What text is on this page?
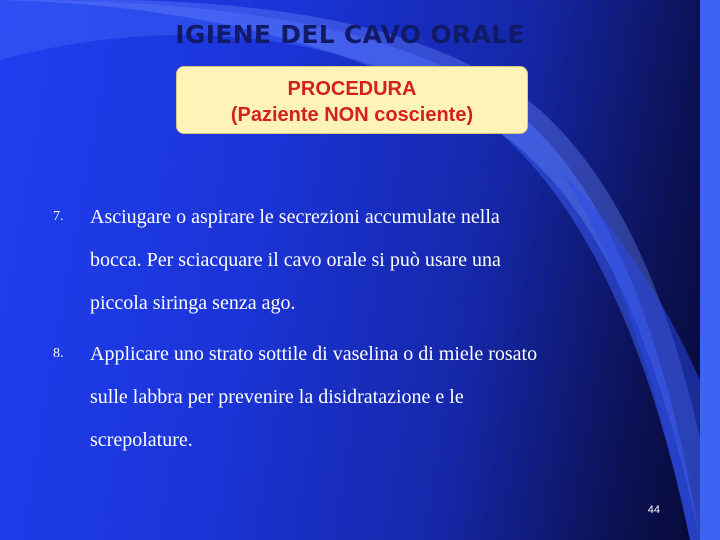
IGIENE DEL CAVO ORALE
PROCEDURA
(Paziente NON cosciente)
7. Asciugare o aspirare le secrezioni accumulate nella
bocca. Per sciacquare il cavo orale si può usare una
piccola siringa senza ago.
8. Applicare uno strato sottile di vaselina o di miele rosato
sulle labbra per prevenire la disidratazione e le
screpolature.
44
